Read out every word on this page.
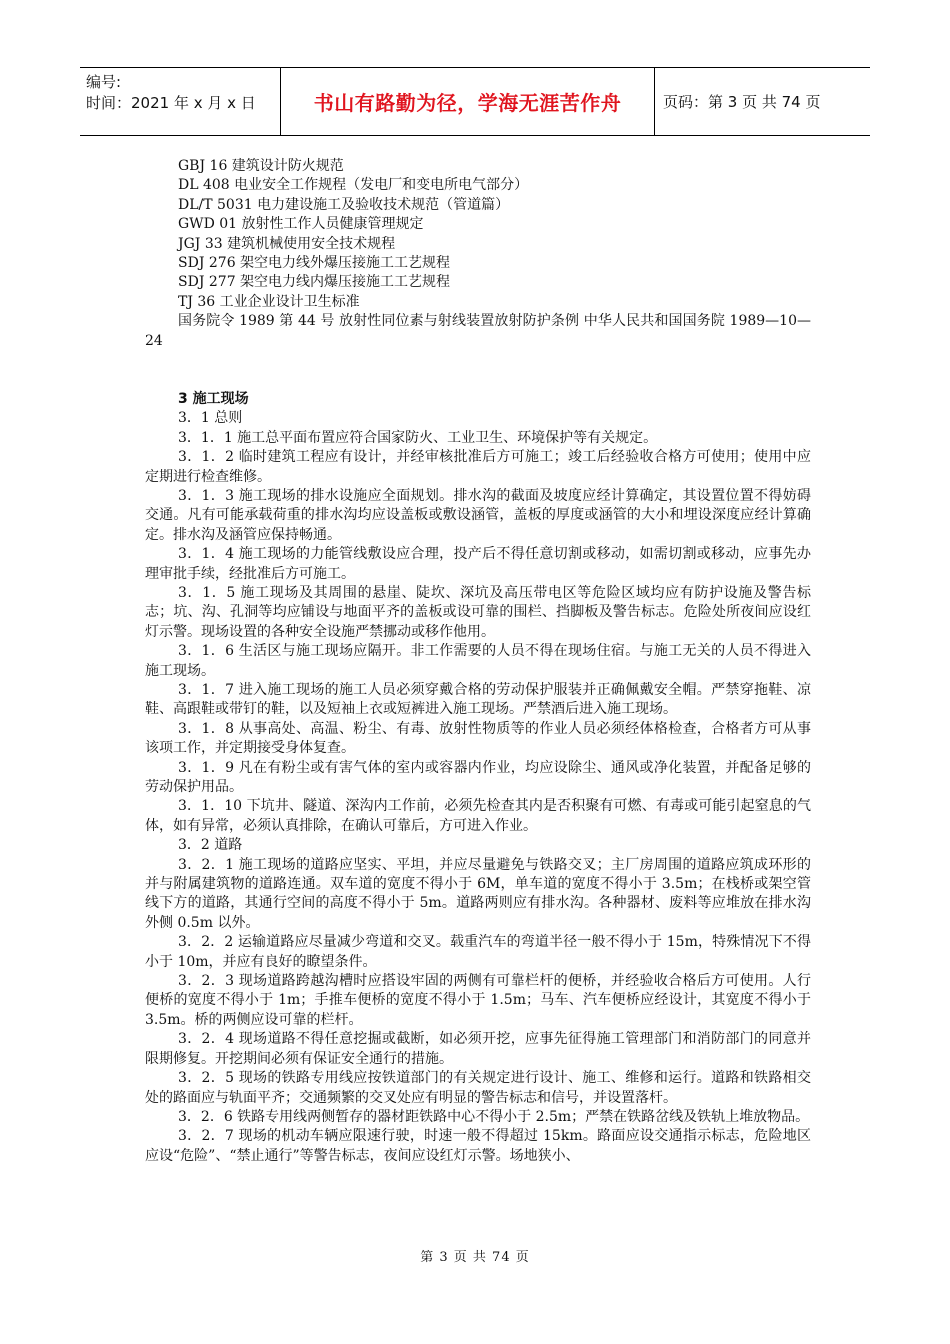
编号:
时间：2021 年 x 月 x 日	书山有路勤为径，学海无涯苦作舟	页码：第 3 页 共 74 页
GBJ 16 建筑设计防火规范
DL 408 电业安全工作规程（发电厂和变电所电气部分）
DL/T 5031 电力建设施工及验收技术规范（管道篇）
GWD 01 放射性工作人员健康管理规定
JGJ 33 建筑机械使用安全技术规程
SDJ 276 架空电力线外爆压接施工工艺规程
SDJ 277 架空电力线内爆压接施工工艺规程
TJ 36 工业企业设计卫生标准
国务院令 1989 第 44 号 放射性同位素与射线装置放射防护条例 中华人民共和国国务院 1989—10—24
3 施工现场
3．1 总则
3．1．1 施工总平面布置应符合国家防火、工业卫生、环境保护等有关规定。
3．1．2 临时建筑工程应有设计，并经审核批准后方可施工；竣工后经验收合格方可使用；使用中应定期进行检查维修。
3．1．3 施工现场的排水设施应全面规划。排水沟的截面及坡度应经计算确定，其设置位置不得妨碍交通。凡有可能承载荷重的排水沟均应设盖板或敷设涵管，盖板的厚度或涵管的大小和埋设深度应经计算确定。排水沟及涵管应保持畅通。
3．1．4 施工现场的力能管线敷设应合理，投产后不得任意切割或移动，如需切割或移动，应事先办理审批手续，经批准后方可施工。
3．1．5 施工现场及其周围的悬崖、陡坎、深坑及高压带电区等危险区域均应有防护设施及警告标志；坑、沟、孔洞等均应铺设与地面平齐的盖板或设可靠的围栏、挡脚板及警告标志。危险处所夜间应设红灯示警。现场设置的各种安全设施严禁挪动或移作他用。
3．1．6 生活区与施工现场应隔开。非工作需要的人员不得在现场住宿。与施工无关的人员不得进入施工现场。
3．1．7 进入施工现场的施工人员必须穿戴合格的劳动保护服装并正确佩戴安全帽。严禁穿拖鞋、凉鞋、高跟鞋或带钉的鞋，以及短袖上衣或短裤进入施工现场。严禁酒后进入施工现场。
3．1．8 从事高处、高温、粉尘、有毒、放射性物质等的作业人员必须经体格检查，合格者方可从事该项工作，并定期接受身体复查。
3．1．9 凡在有粉尘或有害气体的室内或容器内作业，均应设除尘、通风或净化装置，并配备足够的劳动保护用品。
3．1．10 下坑井、隧道、深沟内工作前，必须先检查其内是否积聚有可燃、有毒或可能引起窒息的气体，如有异常，必须认真排除，在确认可靠后，方可进入作业。
3．2 道路
3．2．1 施工现场的道路应坚实、平坦，并应尽量避免与铁路交叉；主厂房周围的道路应筑成环形的并与附属建筑物的道路连通。双车道的宽度不得小于 6M，单车道的宽度不得小于 3.5m；在栈桥或架空管线下方的道路，其通行空间的高度不得小于 5m。道路两则应有排水沟。各种器材、废料等应堆放在排水沟外侧 0.5m 以外。
3．2．2 运输道路应尽量减少弯道和交叉。载重汽车的弯道半径一般不得小于 15m，特殊情况下不得小于 10m，并应有良好的瞭望条件。
3．2．3 现场道路跨越沟槽时应搭设牢固的两侧有可靠栏杆的便桥，并经验收合格后方可使用。人行便桥的宽度不得小于 1m；手推车便桥的宽度不得小于 1.5m；马车、汽车便桥应经设计，其宽度不得小于 3.5m。桥的两侧应设可靠的栏杆。
3．2．4 现场道路不得任意挖掘或截断，如必须开挖，应事先征得施工管理部门和消防部门的同意并限期修复。开挖期间必须有保证安全通行的措施。
3．2．5 现场的铁路专用线应按铁道部门的有关规定进行设计、施工、维修和运行。道路和铁路相交处的路面应与轨面平齐；交通频繁的交叉处应有明显的警告标志和信号，并设置落杆。
3．2．6 铁路专用线两侧暂存的器材距铁路中心不得小于 2.5m；严禁在铁路岔线及铁轨上堆放物品。
3．2．7 现场的机动车辆应限速行驶，时速一般不得超过 15km。路面应设交通指示标志，危险地区应设“危险”、“禁止通行”等警告标志，夜间应设红灯示警。场地狭小、
第 3 页 共 74 页
